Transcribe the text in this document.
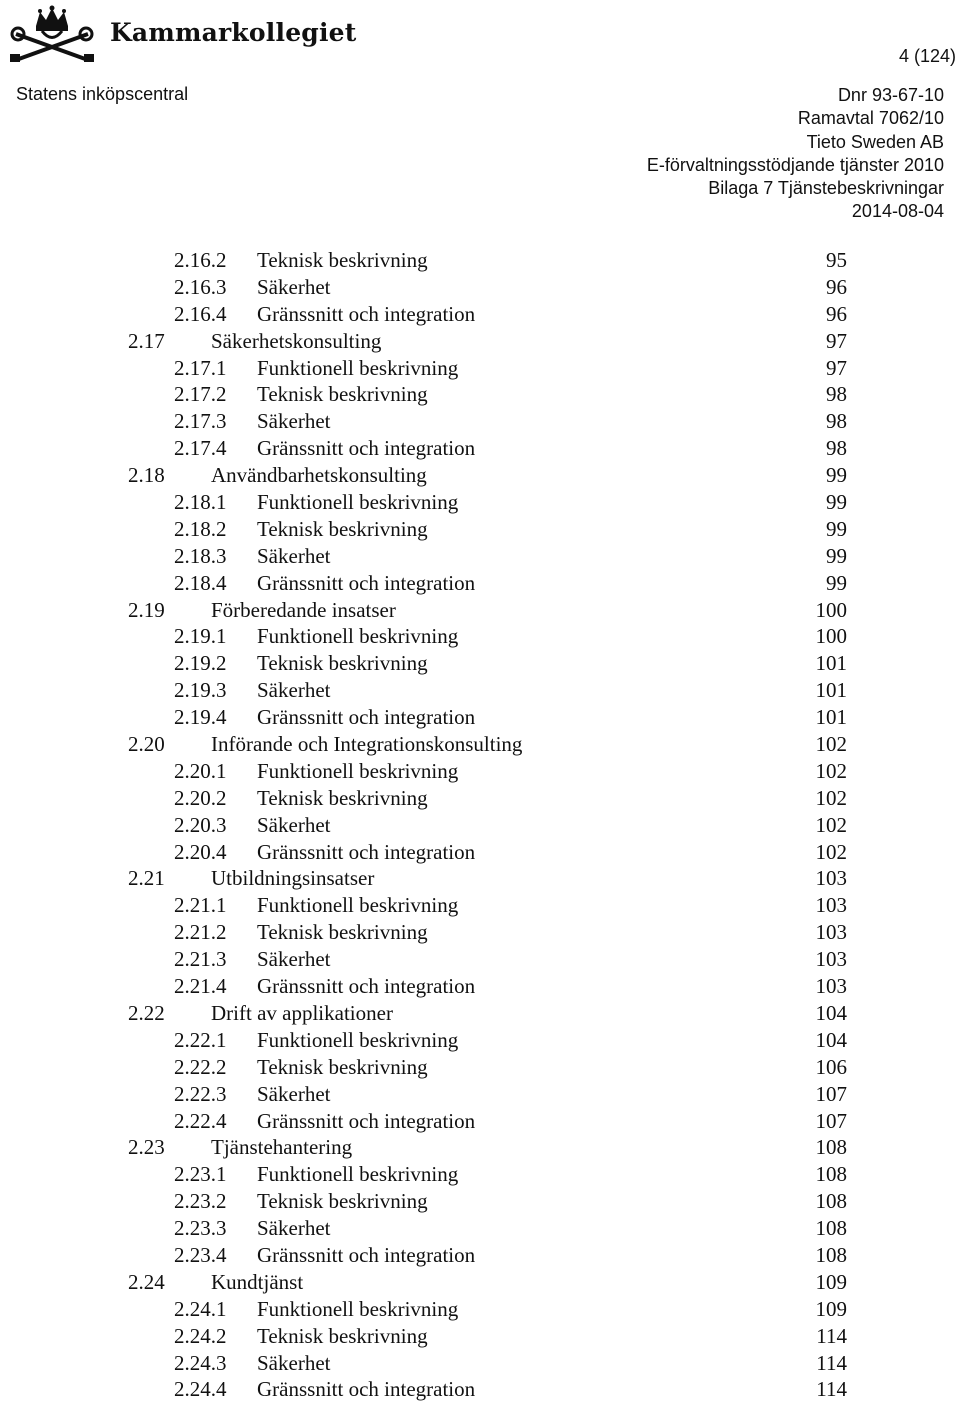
Kammarkollegiet
4 (124)
Statens inköpscentral	Dnr 93-67-10
Ramavtal 7062/10
Tieto Sweden AB
E-förvaltningsstödjande tjänster 2010
Bilaga 7 Tjänstebeskrivningar
2014-08-04
2.16.2 Teknisk beskrivning	95
2.16.3 Säkerhet	96
2.16.4 Gränssnitt och integration	96
2.17 Säkerhetskonsulting	97
2.17.1 Funktionell beskrivning	97
2.17.2 Teknisk beskrivning	98
2.17.3 Säkerhet	98
2.17.4 Gränssnitt och integration	98
2.18 Användbarhetskonsulting	99
2.18.1 Funktionell beskrivning	99
2.18.2 Teknisk beskrivning	99
2.18.3 Säkerhet	99
2.18.4 Gränssnitt och integration	99
2.19 Förberedande insatser	100
2.19.1 Funktionell beskrivning	100
2.19.2 Teknisk beskrivning	101
2.19.3 Säkerhet	101
2.19.4 Gränssnitt och integration	101
2.20 Införande och Integrationskonsulting	102
2.20.1 Funktionell beskrivning	102
2.20.2 Teknisk beskrivning	102
2.20.3 Säkerhet	102
2.20.4 Gränssnitt och integration	102
2.21 Utbildningsinsatser	103
2.21.1 Funktionell beskrivning	103
2.21.2 Teknisk beskrivning	103
2.21.3 Säkerhet	103
2.21.4 Gränssnitt och integration	103
2.22 Drift av applikationer	104
2.22.1 Funktionell beskrivning	104
2.22.2 Teknisk beskrivning	106
2.22.3 Säkerhet	107
2.22.4 Gränssnitt och integration	107
2.23 Tjänstehantering	108
2.23.1 Funktionell beskrivning	108
2.23.2 Teknisk beskrivning	108
2.23.3 Säkerhet	108
2.23.4 Gränssnitt och integration	108
2.24 Kundtjänst	109
2.24.1 Funktionell beskrivning	109
2.24.2 Teknisk beskrivning	114
2.24.3 Säkerhet	114
2.24.4 Gränssnitt och integration	114
